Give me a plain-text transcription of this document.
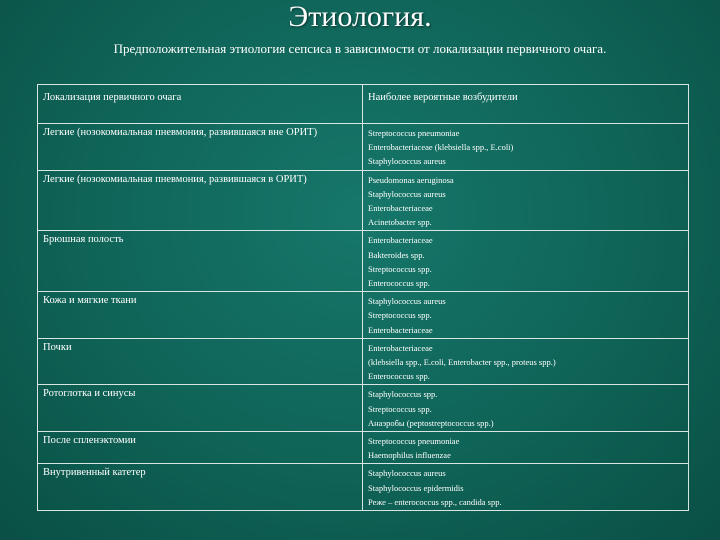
Этиология.
Предположительная этиология сепсиса в зависимости от локализации первичного очага.
Локализация первичного очага	Наиболее вероятные возбудители
Легкие (нозокомиальная пневмония, развившаяся вне ОРИТ)	Streptococcus pneumoniae
Enterobacteriaceae (klebsiella spp., E.coli)
Staphylococcus aureus

Легкие (нозокомиальная пневмония, развившаяся в ОРИТ)	Pseudomonas aeruginosa
Staphylococcus aureus
Enterobacteriaceae
Acinetobacter spp.

Брюшная полость	Enterobacteriaceae
Bakteroides spp.
Streptococcus spp.
Enterococcus spp.

Кожа и мягкие ткани	Staphylococcus aureus
Streptococcus spp.
Enterobacteriaceae

Почки	Enterobacteriaceae
(klebsiella spp., E.coli, Enterobacter spp., proteus spp.)
Enterococcus spp.

Ротоглотка и синусы	Staphylococcus spp.
Streptococcus spp.
Анаэробы (peptostreptococcus spp.)

После спленэктомии	Streptococcus pneumoniae
Haemophilus influenzae

Внутривенный катетер	Staphylococcus aureus
Staphylococcus epidermidis
Реже – enterococcus spp., candida spp.
